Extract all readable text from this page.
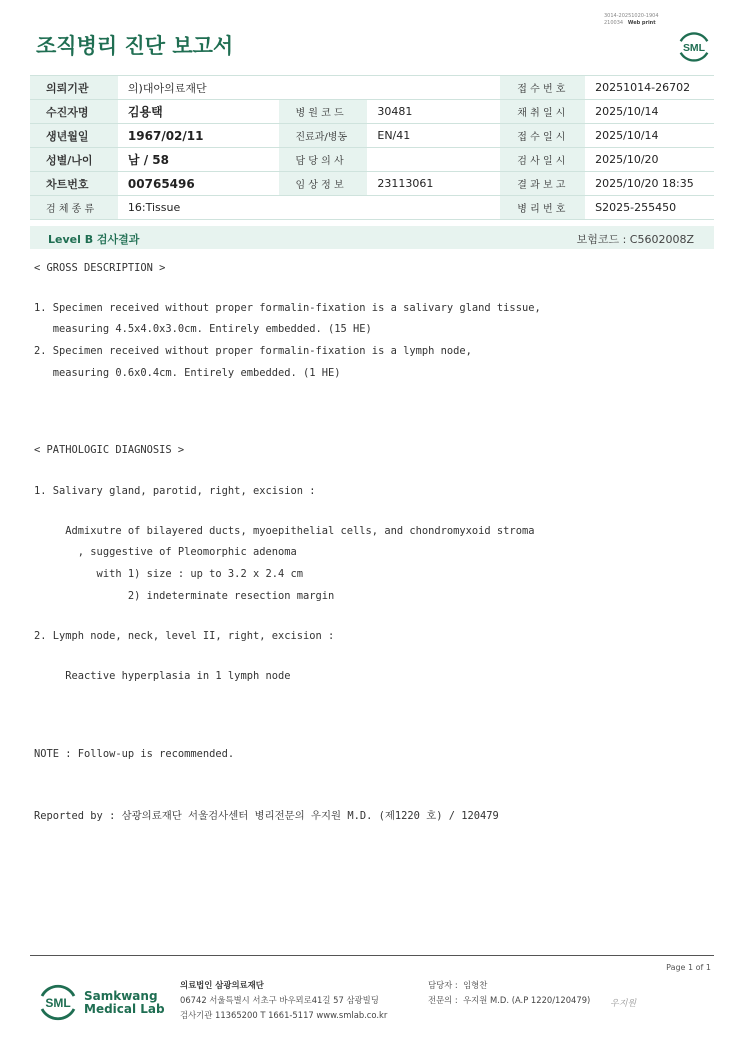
3014-20251020-1904
210034 Web print
조직병리 진단 보고서	SML
의뢰기관	의)대아의료재단			접 수 번 호	20251014-26702
수진자명	김용택	병 원 코 드	30481	채 취 일 시	2025/10/14
생년월일	1967/02/11	진료과/병동	EN/41	접 수 일 시	2025/10/14
성별/나이	남 / 58	담 당 의 사		검 사 일 시	2025/10/20
차트번호	00765496	임 상 정 보	23113061	결 과 보 고	2025/10/20 18:35
검 체 종 류	16:Tissue			병 리 번 호	S2025-255450
Level B 검사결과	보험코드 : C5602008Z
< GROSS DESCRIPTION >
1. Specimen received without proper formalin-fixation is a salivary gland tissue,
measuring 4.5x4.0x3.0cm. Entirely embedded. (15 HE)
2. Specimen received without proper formalin-fixation is a lymph node,
measuring 0.6x0.4cm. Entirely embedded. (1 HE)
< PATHOLOGIC DIAGNOSIS >
1. Salivary gland, parotid, right, excision :
Admixutre of bilayered ducts, myoepithelial cells, and chondromyxoid stroma
, suggestive of Pleomorphic adenoma
with 1) size : up to 3.2 x 2.4 cm
2) indeterminate resection margin
2. Lymph node, neck, level II, right, excision :
Reactive hyperplasia in 1 lymph node
NOTE : Follow-up is recommended.
Reported by : 삼광의료재단 서울검사센터 병리전문의 우지원 M.D. (제1220 호) / 120479
Page 1 of 1
SML Samkwang
Medical Lab
의료법인 삼광의료재단
06742 서울특별시 서초구 바우뫼로41길 57 삼광빌딩
검사기관 11365200 T 1661-5117 www.smlab.co.kr
담당자 : 임형찬
전문의 : 우지원 M.D. (A.P 1220/120479) 우지원
